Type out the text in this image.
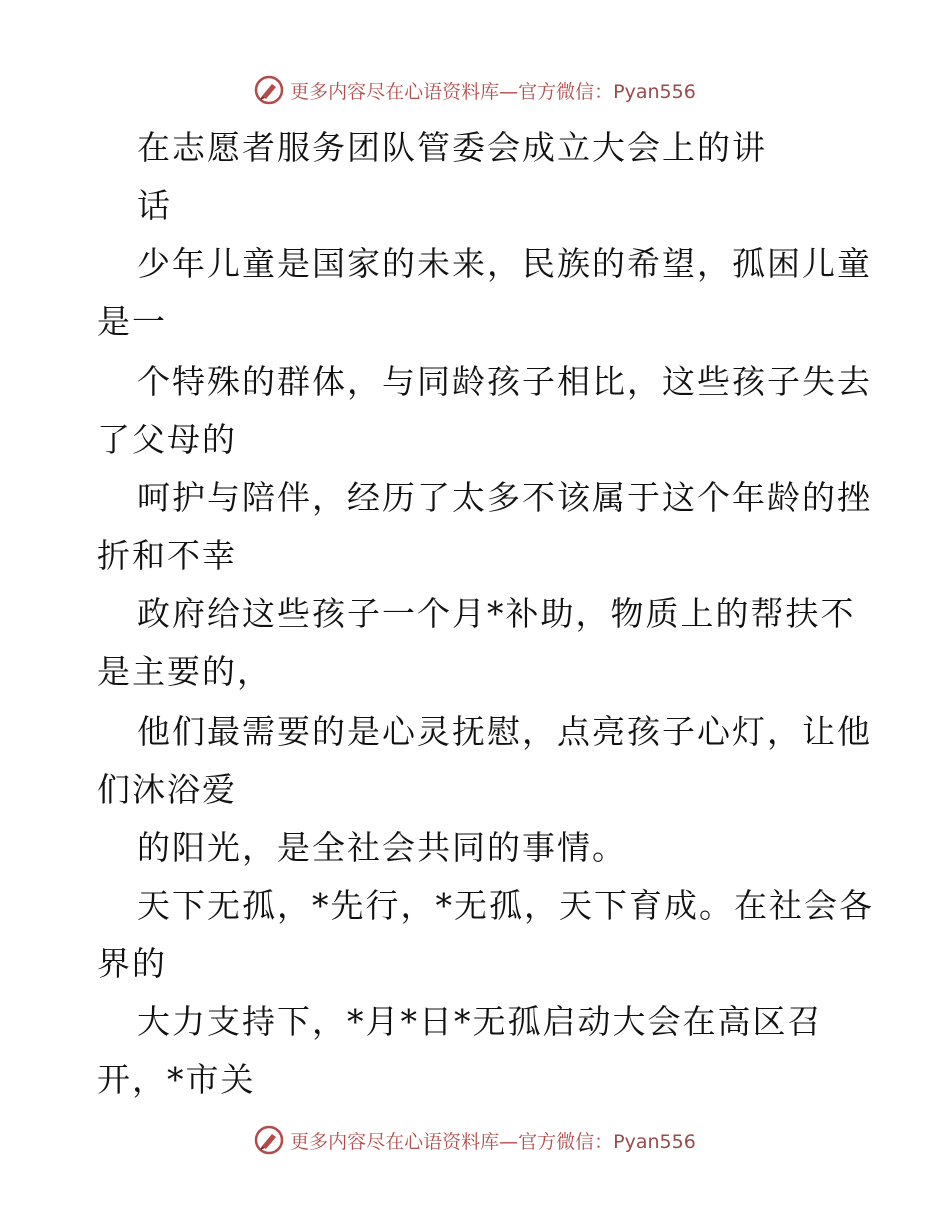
更多内容尽在心语资料库—官方微信：Pyan556
在志愿者服务团队管委会成立大会上的讲
话
少年儿童是国家的未来，民族的希望，孤困儿童
是一
个特殊的群体，与同龄孩子相比，这些孩子失去
了父母的
呵护与陪伴，经历了太多不该属于这个年龄的挫
折和不幸
政府给这些孩子一个月*补助，物质上的帮扶不
是主要的，
他们最需要的是心灵抚慰，点亮孩子心灯，让他
们沐浴爱
的阳光，是全社会共同的事情。
天下无孤，*先行，*无孤，天下育成。在社会各
界的
大力支持下，*月*日*无孤启动大会在高区召
开，*市关
更多内容尽在心语资料库—官方微信：Pyan556
